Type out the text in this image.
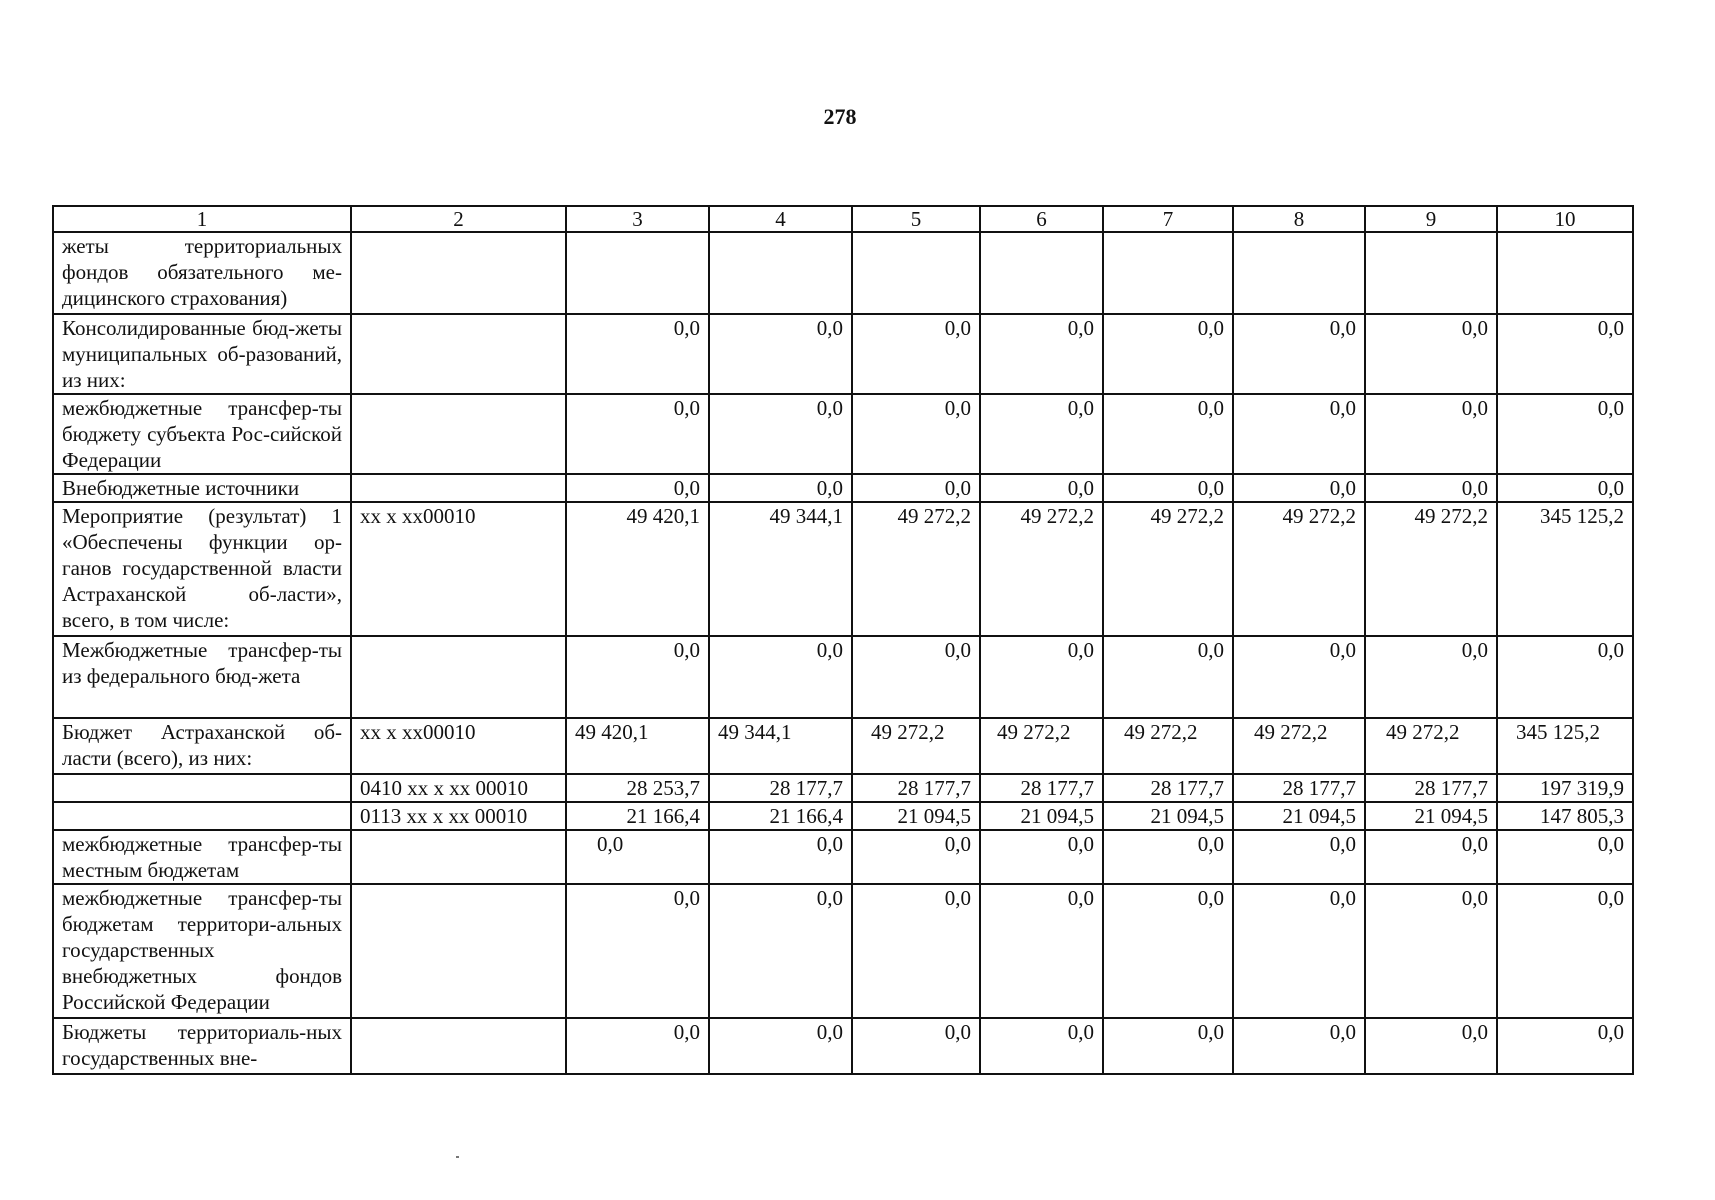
278
1	2	3	4	5	6	7	8	9	10
жеты территориальных фондов обязательного ме-дицинского страхования)									
Консолидированные бюд-жеты муниципальных об-разований, из них:		0,0	0,0	0,0	0,0	0,0	0,0	0,0	0,0
межбюджетные трансфер-ты бюджету субъекта Рос-сийской Федерации		0,0	0,0	0,0	0,0	0,0	0,0	0,0	0,0
Внебюджетные источники		0,0	0,0	0,0	0,0	0,0	0,0	0,0	0,0
Мероприятие (результат) 1 «Обеспечены функции ор-ганов государственной власти Астраханской об-ласти», всего, в том числе:	xx x xx00010	49 420,1	49 344,1	49 272,2	49 272,2	49 272,2	49 272,2	49 272,2	345 125,2
Межбюджетные трансфер-ты из федерального бюд-жета		0,0	0,0	0,0	0,0	0,0	0,0	0,0	0,0
Бюджет Астраханской об-ласти (всего), из них:	xx x xx00010	49 420,1	49 344,1	49 272,2	49 272,2	49 272,2	49 272,2	49 272,2	345 125,2
	0410 xx x xx 00010	28 253,7	28 177,7	28 177,7	28 177,7	28 177,7	28 177,7	28 177,7	197 319,9
	0113 xx x xx 00010	21 166,4	21 166,4	21 094,5	21 094,5	21 094,5	21 094,5	21 094,5	147 805,3
межбюджетные трансфер-ты местным бюджетам		0,0	0,0	0,0	0,0	0,0	0,0	0,0	0,0
межбюджетные трансфер-ты бюджетам территори-альных государственных внебюджетных фондов Российской Федерации		0,0	0,0	0,0	0,0	0,0	0,0	0,0	0,0
Бюджеты территориаль-ных государственных вне-		0,0	0,0	0,0	0,0	0,0	0,0	0,0	0,0
